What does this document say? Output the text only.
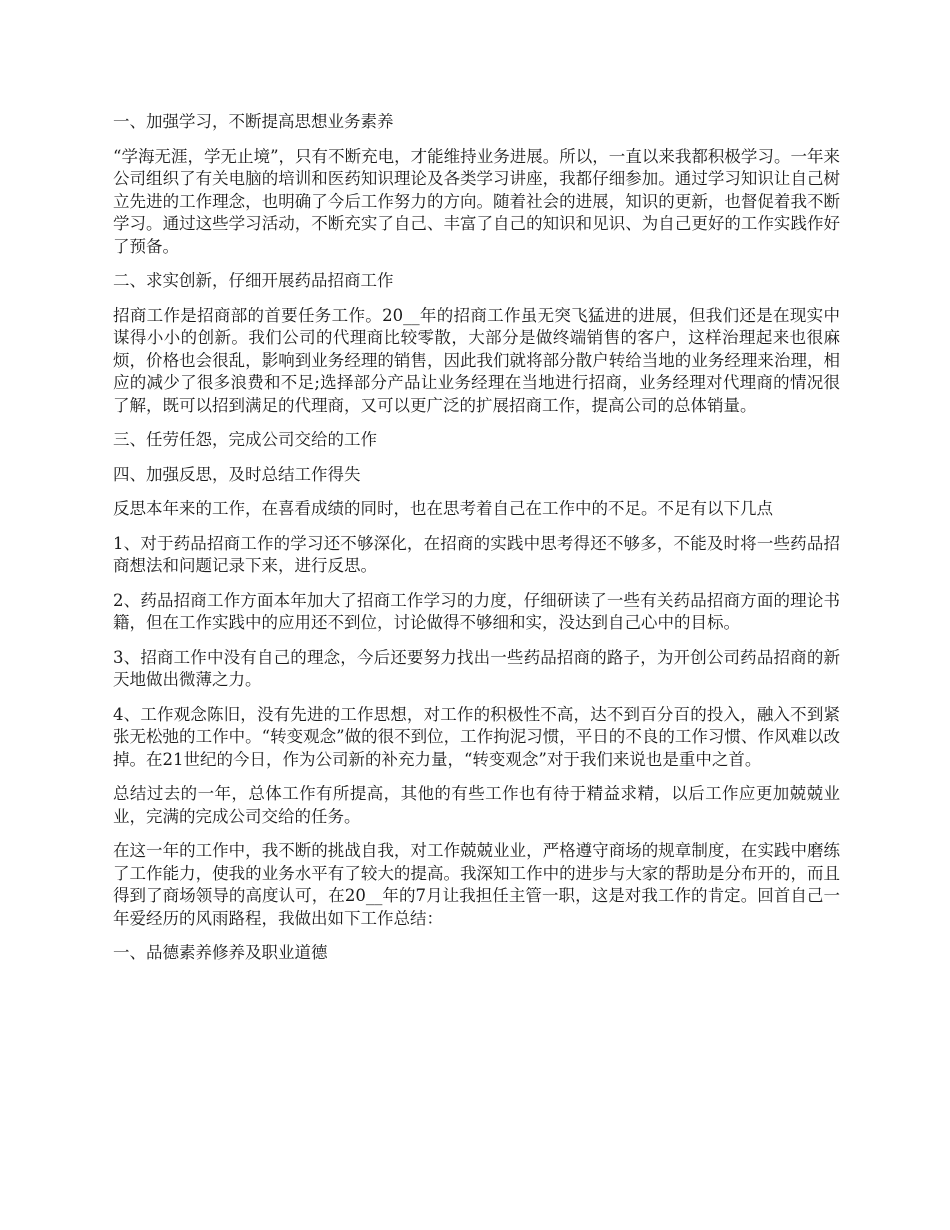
一、加强学习，不断提高思想业务素养

“学海无涯，学无止境”，只有不断充电，才能维持业务进展。所以，一直以来我都积极学习。一年来公司组织了有关电脑的培训和医药知识理论及各类学习讲座，我都仔细参加。通过学习知识让自己树立先进的工作理念，也明确了今后工作努力的方向。随着社会的进展，知识的更新，也督促着我不断学习。通过这些学习活动，不断充实了自己、丰富了自己的知识和见识、为自己更好的工作实践作好了预备。

二、求实创新，仔细开展药品招商工作

招商工作是招商部的首要任务工作。20__年的招商工作虽无突飞猛进的进展，但我们还是在现实中谋得小小的创新。我们公司的代理商比较零散，大部分是做终端销售的客户，这样治理起来也很麻烦，价格也会很乱，影响到业务经理的销售，因此我们就将部分散户转给当地的业务经理来治理，相应的减少了很多浪费和不足;选择部分产品让业务经理在当地进行招商，业务经理对代理商的情况很了解，既可以招到满足的代理商，又可以更广泛的扩展招商工作，提高公司的总体销量。

三、任劳任怨，完成公司交给的工作

四、加强反思，及时总结工作得失

反思本年来的工作，在喜看成绩的同时，也在思考着自己在工作中的不足。不足有以下几点

1、对于药品招商工作的学习还不够深化，在招商的实践中思考得还不够多，不能及时将一些药品招商想法和问题记录下来，进行反思。

2、药品招商工作方面本年加大了招商工作学习的力度，仔细研读了一些有关药品招商方面的理论书籍，但在工作实践中的应用还不到位，讨论做得不够细和实，没达到自己心中的目标。

3、招商工作中没有自己的理念，今后还要努力找出一些药品招商的路子，为开创公司药品招商的新天地做出微薄之力。

4、工作观念陈旧，没有先进的工作思想，对工作的积极性不高，达不到百分百的投入，融入不到紧张无松弛的工作中。“转变观念”做的很不到位，工作拘泥习惯，平日的不良的工作习惯、作风难以改掉。在21世纪的今日，作为公司新的补充力量，“转变观念”对于我们来说也是重中之首。

总结过去的一年，总体工作有所提高，其他的有些工作也有待于精益求精，以后工作应更加兢兢业业，完满的完成公司交给的任务。

在这一年的工作中，我不断的挑战自我，对工作兢兢业业，严格遵守商场的规章制度，在实践中磨练了工作能力，使我的业务水平有了较大的提高。我深知工作中的进步与大家的帮助是分布开的，而且得到了商场领导的高度认可，在20__年的7月让我担任主管一职，这是对我工作的肯定。回首自己一年爱经历的风雨路程，我做出如下工作总结：

一、品德素养修养及职业道德
